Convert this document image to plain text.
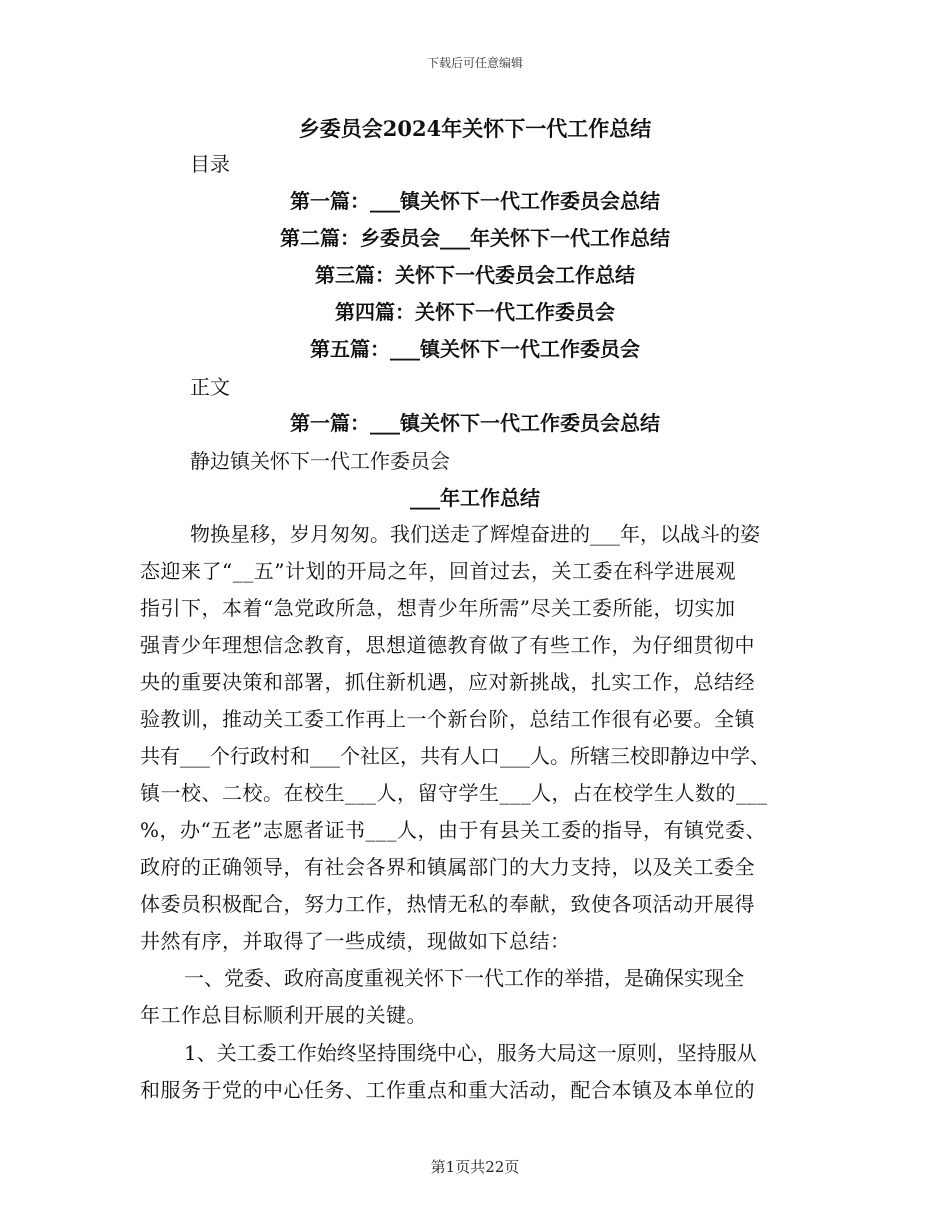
下载后可任意编辑
乡委员会2024年关怀下一代工作总结
目录
第一篇：___镇关怀下一代工作委员会总结
第二篇：乡委员会___年关怀下一代工作总结
第三篇：关怀下一代委员会工作总结
第四篇：关怀下一代工作委员会
第五篇：___镇关怀下一代工作委员会
正文
第一篇：___镇关怀下一代工作委员会总结
静边镇关怀下一代工作委员会
___年工作总结
物换星移，岁月匆匆。我们送走了辉煌奋进的___年，以战斗的姿
态迎来了“__五”计划的开局之年，回首过去，关工委在科学进展观
指引下，本着“急党政所急，想青少年所需”尽关工委所能，切实加
强青少年理想信念教育，思想道德教育做了有些工作，为仔细贯彻中
央的重要决策和部署，抓住新机遇，应对新挑战，扎实工作，总结经
验教训，推动关工委工作再上一个新台阶，总结工作很有必要。全镇
共有___个行政村和___个社区，共有人口___人。所辖三校即静边中学、
镇一校、二校。在校生___人，留守学生___人，占在校学生人数的___
%，办“五老”志愿者证书___人，由于有县关工委的指导，有镇党委、
政府的正确领导，有社会各界和镇属部门的大力支持，以及关工委全
体委员积极配合，努力工作，热情无私的奉献，致使各项活动开展得
井然有序，并取得了一些成绩，现做如下总结：
一、党委、政府高度重视关怀下一代工作的举措，是确保实现全
年工作总目标顺利开展的关键。
1、关工委工作始终坚持围绕中心，服务大局这一原则，坚持服从
和服务于党的中心任务、工作重点和重大活动，配合本镇及本单位的
第1页共22页
